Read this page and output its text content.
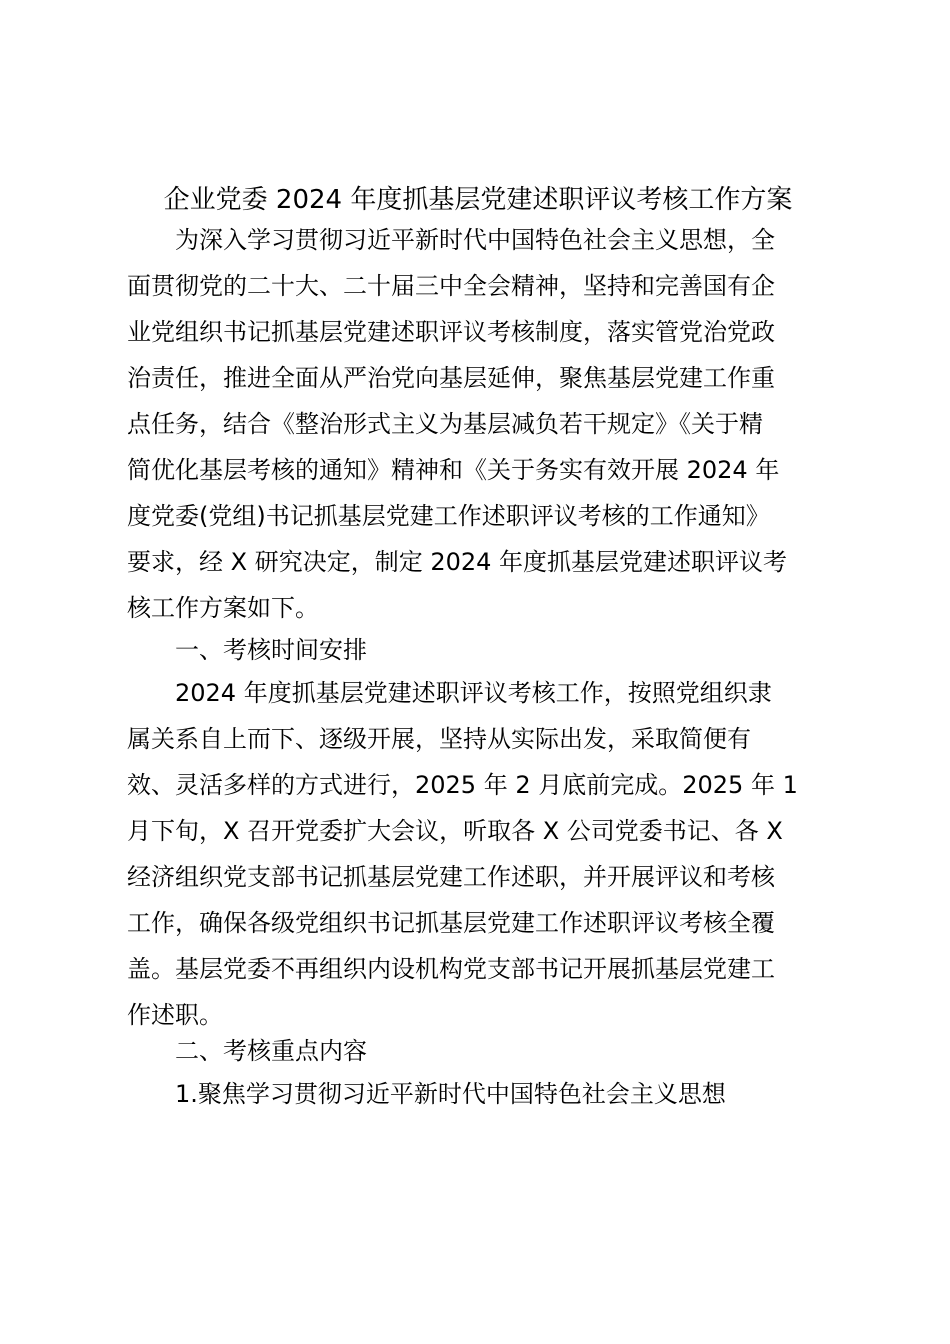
企业党委 2024 年度抓基层党建述职评议考核工作方案
为深入学习贯彻习近平新时代中国特色社会主义思想，全
面贯彻党的二十大、二十届三中全会精神，坚持和完善国有企
业党组织书记抓基层党建述职评议考核制度，落实管党治党政
治责任，推进全面从严治党向基层延伸，聚焦基层党建工作重
点任务，结合《整治形式主义为基层减负若干规定》《关于精
简优化基层考核的通知》精神和《关于务实有效开展 2024 年
度党委(党组)书记抓基层党建工作述职评议考核的工作通知》
要求，经 X 研究决定，制定 2024 年度抓基层党建述职评议考
核工作方案如下。
一、考核时间安排
2024 年度抓基层党建述职评议考核工作，按照党组织隶
属关系自上而下、逐级开展，坚持从实际出发，采取简便有
效、灵活多样的方式进行，2025 年 2 月底前完成。2025 年 1
月下旬，X 召开党委扩大会议，听取各 X 公司党委书记、各 X
经济组织党支部书记抓基层党建工作述职，并开展评议和考核
工作，确保各级党组织书记抓基层党建工作述职评议考核全覆
盖。基层党委不再组织内设机构党支部书记开展抓基层党建工
作述职。
二、考核重点内容
1.聚焦学习贯彻习近平新时代中国特色社会主义思想
